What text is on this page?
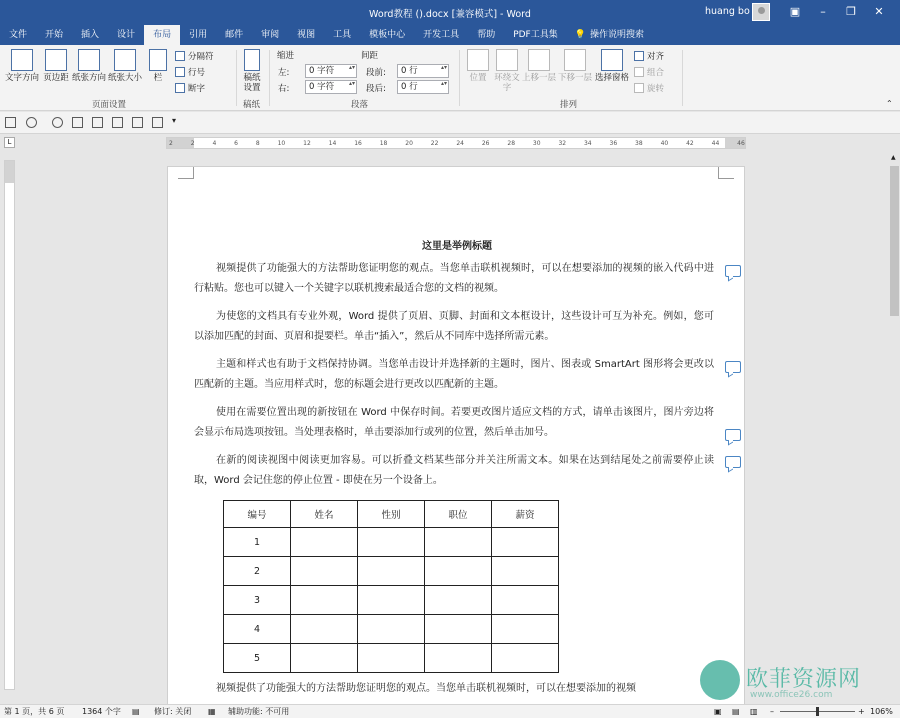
Word教程 ().docx [兼容模式] - Word	huang bo	▣	–	❐	✕
文件	开始	插入	设计	布局	引用	邮件	审阅	视图	工具	模板中心	开发工具	帮助	PDF工具集	💡 操作说明搜索
文字方向 页边距 纸张方向 纸张大小	栏
分隔符
行号
断字
页面设置
稿纸设置
稿纸
缩进	间距
左:	0 字符 ▴▾
右:	0 字符 ▴▾
段前:	0 行 ▴▾
段后:	0 行 ▴▾
段落
位置 环绕文字
上移一层 下移一层 选择窗格
对齐
组合
旋转
排列	⌃
▾
L	2	2	4	6	8	10	12	14	16	18	20	22	24	26	28	30	32	34	36	38	40	42	44	46
这里是举例标题
视频提供了功能强大的方法帮助您证明您的观点。当您单击联机视频时，可以在想要添加的视频的嵌入代码中进行粘贴。您也可以键入一个关键字以联机搜索最适合您的文档的视频。
为使您的文档具有专业外观，Word 提供了页眉、页脚、封面和文本框设计，这些设计可互为补充。例如，您可以添加匹配的封面、页眉和提要栏。单击“插入”，然后从不同库中选择所需元素。
主题和样式也有助于文档保持协调。当您单击设计并选择新的主题时，图片、图表或 SmartArt 图形将会更改以匹配新的主题。当应用样式时，您的标题会进行更改以匹配新的主题。
使用在需要位置出现的新按钮在 Word 中保存时间。若要更改图片适应文档的方式，请单击该图片，图片旁边将会显示布局选项按钮。当处理表格时，单击要添加行或列的位置，然后单击加号。
在新的阅读视图中阅读更加容易。可以折叠文档某些部分并关注所需文本。如果在达到结尾处之前需要停止读取，Word 会记住您的停止位置 - 即使在另一个设备上。
编号	姓名	性别	职位	薪资
1				
2				
3				
4				
5				
视频提供了功能强大的方法帮助您证明您的观点。当您单击联机视频时，可以在想要添加的视频
▲
欧菲资源网
www.office26.com
第 1 页，共 6 页 1364 个字 ▤ 修订: 关闭 ▦ 辅助功能: 不可用	▣ ▤ ▥ –	+ 106%
